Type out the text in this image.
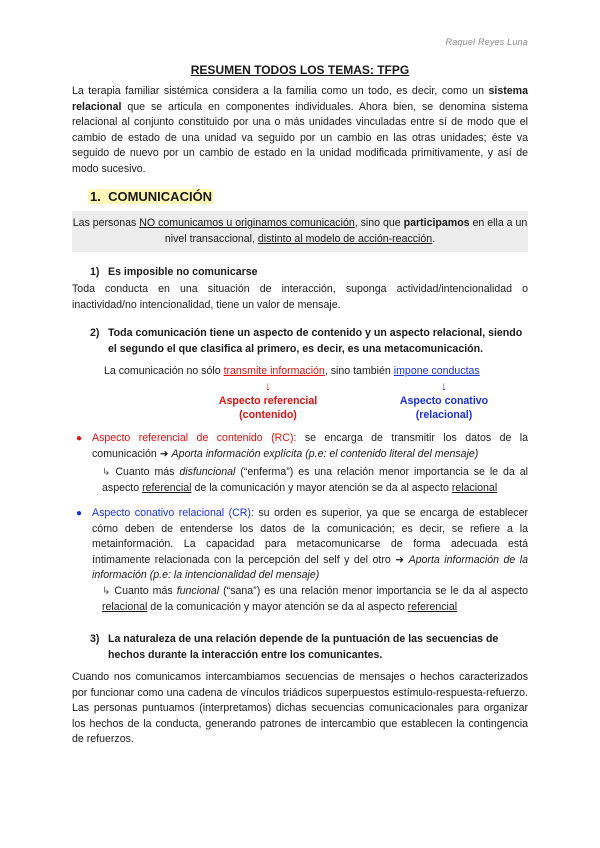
Raquel Reyes Luna
RESUMEN TODOS LOS TEMAS: TFPG
La terapia familiar sistémica considera a la familia como un todo, es decir, como un sistema relacional que se articula en componentes individuales. Ahora bien, se denomina sistema relacional al conjunto constituido por una o más unidades vinculadas entre sí de modo que el cambio de estado de una unidad va seguido por un cambio en las otras unidades; éste va seguido de nuevo por un cambio de estado en la unidad modificada primitivamente, y así de modo sucesivo.
1. COMUNICACIÓN
Las personas NO comunicamos u originamos comunicación, sino que participamos en ella a un nivel transaccional, distinto al modelo de acción-reacción.
1) Es imposible no comunicarse
Toda conducta en una situación de interacción, suponga actividad/intencionalidad o inactividad/no intencionalidad, tiene un valor de mensaje.
2) Toda comunicación tiene un aspecto de contenido y un aspecto relacional, siendo el segundo el que clasifica al primero, es decir, es una metacomunicación.
La comunicación no sólo transmite información, sino también impone conductas
↓	↓
Aspecto referencial
(contenido)
Aspecto conativo
(relacional)
● Aspecto referencial de contenido (RC): se encarga de transmitir los datos de la comunicación ➜ Aporta información explícita (p.e: el contenido literal del mensaje)
↳ Cuanto más disfuncional (“enferma”) es una relación menor importancia se le da al aspecto referencial de la comunicación y mayor atención se da al aspecto relacional
● Aspecto conativo relacional (CR): su orden es superior, ya que se encarga de establecer cómo deben de entenderse los datos de la comunicación; es decir, se refiere a la metainformación. La capacidad para metacomunicarse de forma adecuada está íntimamente relacionada con la percepción del self y del otro ➜ Aporta información de la información (p.e: la intencionalidad del mensaje)
↳ Cuanto más funcional (“sana”) es una relación menor importancia se le da al aspecto relacional de la comunicación y mayor atención se da al aspecto referencial
3) La naturaleza de una relación depende de la puntuación de las secuencias de hechos durante la interacción entre los comunicantes.
Cuando nos comunicamos intercambiamos secuencias de mensajes o hechos caracterizados por funcionar como una cadena de vínculos triádicos superpuestos estímulo-respuesta-refuerzo. Las personas puntuamos (interpretamos) dichas secuencias comunicacionales para organizar los hechos de la conducta, generando patrones de intercambio que establecen la contingencia de refuerzos.
